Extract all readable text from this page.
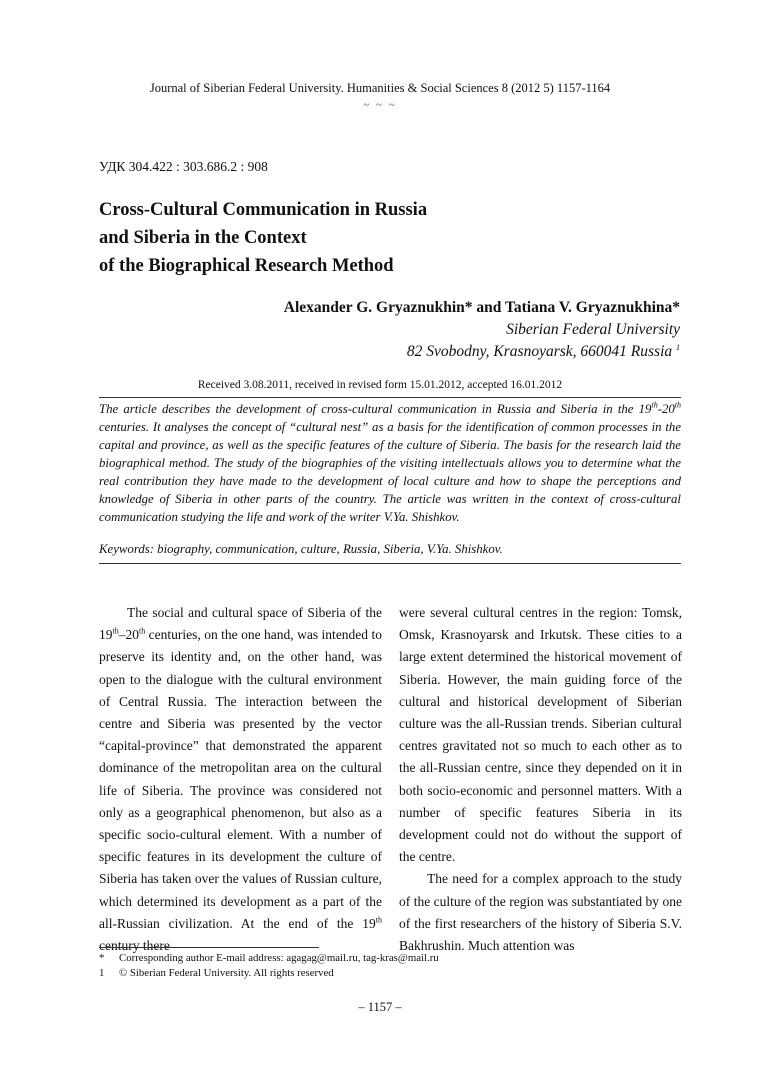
Journal of Siberian Federal University. Humanities & Social Sciences 8 (2012 5) 1157-1164
~ ~ ~
УДК 304.422 : 303.686.2 : 908
Cross-Cultural Communication in Russia
and Siberia in the Context
of the Biographical Research Method
Alexander G. Gryaznukhin* and Tatiana V. Gryaznukhina*
Siberian Federal University
82 Svobodny, Krasnoyarsk, 660041 Russia $^1$
Received 3.08.2011, received in revised form 15.01.2012, accepted 16.01.2012
The article describes the development of cross-cultural communication in Russia and Siberia in the 19th-20th centuries. It analyses the concept of “cultural nest” as a basis for the identification of common processes in the capital and province, as well as the specific features of the culture of Siberia. The basis for the research laid the biographical method. The study of the biographies of the visiting intellectuals allows you to determine what the real contribution they have made to the development of local culture and how to shape the perceptions and knowledge of Siberia in other parts of the country. The article was written in the context of cross-cultural communication studying the life and work of the writer V.Ya. Shishkov.
Keywords: biography, communication, culture, Russia, Siberia, V.Ya. Shishkov.

The social and cultural space of Siberia of the 19th–20th centuries, on the one hand, was intended to preserve its identity and, on the other hand, was open to the dialogue with the cultural environment of Central Russia. The interaction between the centre and Siberia was presented by the vector “capital-province” that demonstrated the apparent dominance of the metropolitan area on the cultural life of Siberia. The province was considered not only as a geographical phenomenon, but also as a specific socio-cultural element. With a number of specific features in its development the culture of Siberia has taken over the values of Russian culture, which determined its development as a part of the all-Russian civilization. At the end of the 19th century there

were several cultural centres in the region: Tomsk, Omsk, Krasnoyarsk and Irkutsk. These cities to a large extent determined the historical movement of Siberia. However, the main guiding force of the cultural and historical development of Siberian culture was the all-Russian trends. Siberian cultural centres gravitated not so much to each other as to the all-Russian centre, since they depended on it in both socio-economic and personnel matters. With a number of specific features Siberia in its development could not do without the support of the centre.

The need for a complex approach to the study of the culture of the region was substantiated by one of the first researchers of the history of Siberia S.V. Bakhrushin. Much attention was

*	Corresponding author E-mail address: agagag@mail.ru, tag-kras@mail.ru
1	© Siberian Federal University. All rights reserved
– 1157 –
